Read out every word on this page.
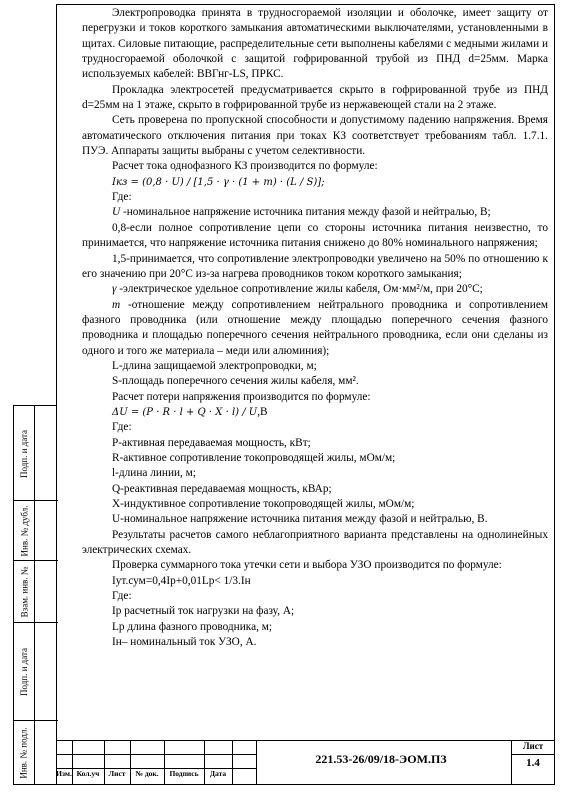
Подп. и дата
Инв. № дубл.
Взам. инв. №
Подп. и дата
Инв. № подл.

Электропроводка принята в трудносгораемой изоляции и оболочке, имеет защиту от перегрузки и токов короткого замыкания автоматическими выключателями, установленными в щитах. Силовые питающие, распределительные сети выполнены кабелями с медными жилами и трудносгораемой оболочкой с защитой гофрированной трубой из ПНД d=25мм. Марка используемых кабелей: ВВГнг-LS, ПРКС.

Прокладка электросетей предусматривается скрыто в гофрированной трубе из ПНД d=25мм на 1 этаже, скрыто в гофрированной трубе из нержавеющей стали на 2 этаже.

Сеть проверена по пропускной способности и допустимому падению напряжения. Время автоматического отключения питания при токах КЗ соответствует требованиям табл. 1.7.1. ПУЭ. Аппараты защиты выбраны с учетом селективности.

Расчет тока однофазного КЗ производится по формуле:

Iкз = (0,8 · U) / [1,5 · γ · (1 + m) · (L / S)];

Где:

U -номинальное напряжение источника питания между фазой и нейтралью, В;

0,8-если полное сопротивление цепи со стороны источника питания неизвестно, то принимается, что напряжение источника питания снижено до 80% номинального напряжения;

1,5-принимается, что сопротивление электропроводки увеличено на 50% по отношению к его значению при 20°С из-за нагрева проводников током короткого замыкания;

γ -электрическое удельное сопротивление жилы кабеля, Ом·мм²/м, при 20°С;

m -отношение между сопротивлением нейтрального проводника и сопротивлением фазного проводника (или отношение между площадью поперечного сечения фазного проводника и площадью поперечного сечения нейтрального проводника, если они сделаны из одного и того же материала – меди или алюминия);

L-длина защищаемой электропроводки, м;

S-площадь поперечного сечения жилы кабеля, мм².

Расчет потери напряжения производится по формуле:

ΔU = (P · R · l + Q · X · l) / U,В

Где:

P-активная передаваемая мощность, кВт;

R-активное сопротивление токопроводящей жилы, мОм/м;

l-длина линии, м;

Q-реактивная передаваемая мощность, кВАр;

X-индуктивное сопротивление токопроводящей жилы, мОм/м;

U-номинальное напряжение источника питания между фазой и нейтралью, В.

Результаты расчетов самого неблагоприятного варианта представлены на однолинейных электрических схемах.

Проверка суммарного тока утечки сети и выбора УЗО производится по формуле:

Iут.сум=0,4Ip+0,01Lp< 1/3.Iн

Где:

Ip расчетный ток нагрузки на фазу, А;

Lp длина фазного проводника, м;

Iн– номинальный ток УЗО, А.

Изм. Кол.уч	Лист	№ док.	Подпись	Дата
221.53-26/09/18-ЭОМ.ПЗ
Лист
1.4
